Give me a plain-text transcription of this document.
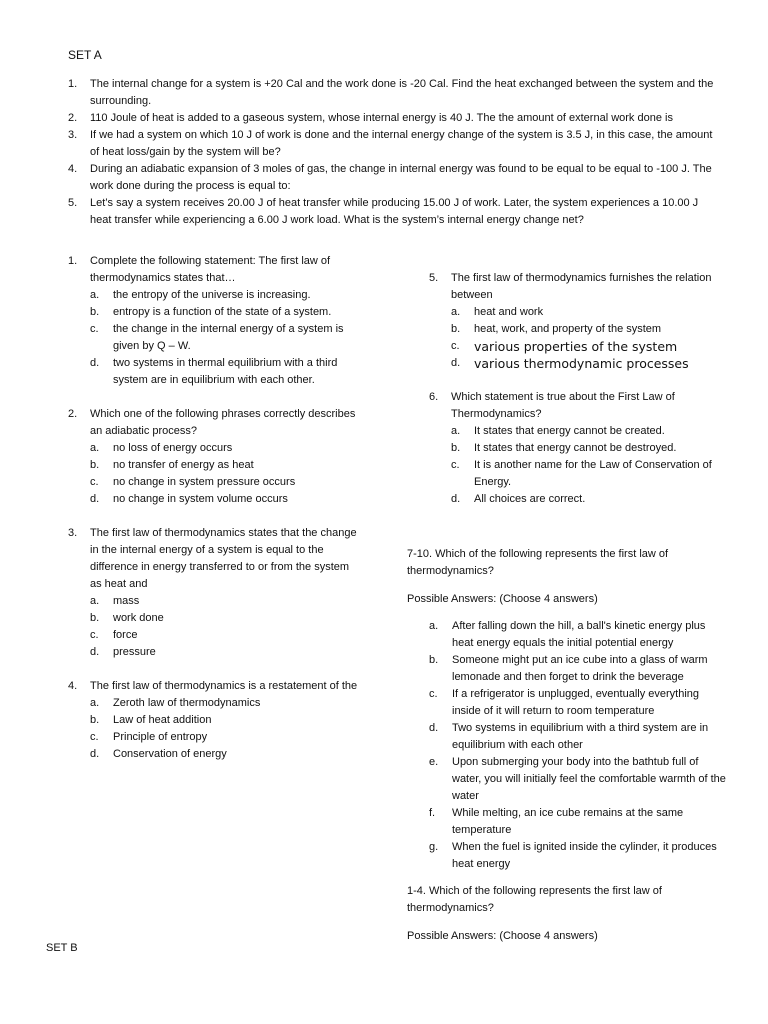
SET A
1.	The internal change for a system is +20 Cal and the work done is -20 Cal. Find the heat exchanged between the system and the surrounding.
2.	110 Joule of heat is added to a gaseous system, whose internal energy is 40 J. The the amount of external work done is
3.	If we had a system on which 10 J of work is done and the internal energy change of the system is 3.5 J, in this case, the amount of heat loss/gain by the system will be?
4.	During an adiabatic expansion of 3 moles of gas, the change in internal energy was found to be equal to be equal to -100 J. The work done during the process is equal to:
5.	Let’s say a system receives 20.00 J of heat transfer while producing 15.00 J of work. Later, the system experiences a 10.00 J heat transfer while experiencing a 6.00 J work load. What is the system’s internal energy change net?
1.	Complete the following statement: The first law of thermodynamics states that…
a.	the entropy of the universe is increasing.
b.	entropy is a function of the state of a system.
c.	the change in the internal energy of a system is given by Q – W.
d.	two systems in thermal equilibrium with a third system are in equilibrium with each other.
2.	Which one of the following phrases correctly describes an adiabatic process?
a.	no loss of energy occurs
b.	no transfer of energy as heat
c.	no change in system pressure occurs
d.	no change in system volume occurs
3.	The first law of thermodynamics states that the change in the internal energy of a system is equal to the difference in energy transferred to or from the system as heat and
a.	mass
b.	work done
c.	force
d.	pressure
4.	The first law of thermodynamics is a restatement of the
a.	Zeroth law of thermodynamics
b.	Law of heat addition
c.	Principle of entropy
d.	Conservation of energy
5.	The first law of thermodynamics furnishes the relation between
a.	heat and work
b.	heat, work, and property of the system
c.	various properties of the system
d.	various thermodynamic processes
6.	Which statement is true about the First Law of Thermodynamics?
a.	It states that energy cannot be created.
b.	It states that energy cannot be destroyed.
c.	It is another name for the Law of Conservation of Energy.
d.	All choices are correct.

7-10. Which of the following represents the first law of thermodynamics?

Possible Answers: (Choose 4 answers)

a.	After falling down the hill, a ball's kinetic energy plus heat energy equals the initial potential energy
b.	Someone might put an ice cube into a glass of warm lemonade and then forget to drink the beverage
c.	If a refrigerator is unplugged, eventually everything inside of it will return to room temperature
d.	Two systems in equilibrium with a third system are in equilibrium with each other
e.	Upon submerging your body into the bathtub full of water, you will initially feel the comfortable warmth of the water
f.	While melting, an ice cube remains at the same temperature
g.	When the fuel is ignited inside the cylinder, it produces heat energy

1-4. Which of the following represents the first law of thermodynamics?

Possible Answers: (Choose 4 answers)

SET B
